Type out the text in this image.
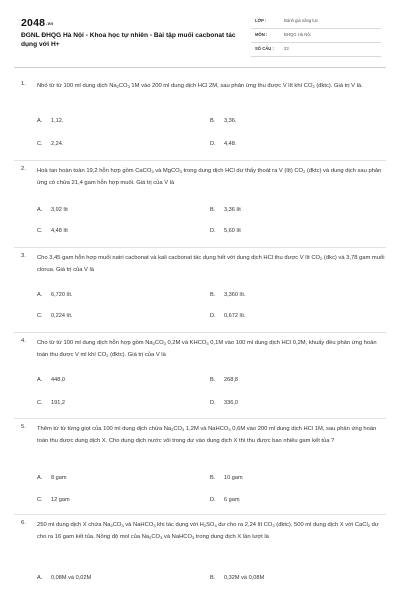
$2048^{.vn}$
ĐGNL ĐHQG Hà Nội - Khoa học tự nhiên - Bài tập muối cacbonat tác dụng với H+
LỚP :	Đánh giá năng lực
MÔN :	ĐHQG Hà Nội
SỐ CÂU : 33
1. Nhỏ từ từ 100 ml dung dịch $Na_2CO_3$ 1M vào 200 ml dung dịch HCl 2M, sau phản ứng thu được V lít khí $CO_2$ (đktc). Giá trị V là.
A. 1,12.	B. 3,36.
C. 2,24.	D. 4,48.
2. Hoà tan hoàn toàn 19,2 hỗn hợp gồm CaCO$_3$ và MgCO$_3$ trong dung dịch HCl dư thấy thoát ra V (lít) $CO_2$ (đktc) và dung dịch sau phản ứng có chứa 21,4 gam hỗn hợp muối. Giá trị của V là
A. 3,92 lít	B. 3,36 lít
C. 4,48 lít	D. 5,60 lít
3. Cho 3,45 gam hỗn hợp muối natri cacbonat và kali cacbonat tác dụng hết với dung dịch HCl thu được V lít $CO_2$ (đkc) và 3,78 gam muối clorua. Giá trị của V là
A. 6,720 lít.	B. 3,360 lít.
C. 0,224 lít.	D. 0,672 lít.
4. Cho từ từ 100 ml dung dịch hỗn hợp gồm $Na_2CO_3$ 0,2M và $KHCO_3$ 0,1M vào 100 ml dung dịch HCl 0,2M, khuấy đều phản ứng hoàn toàn thu được V ml khí $CO_2$ (đktc). Giá trị của V là
A. 448,0	B. 268,8
C. 191,2	D. 336,0
5. Thêm từ từ từng giọt của 100 ml dung dịch chứa $Na_2CO_3$ 1,2M và NaHCO$_3$ 0,6M vào 200 ml dung dịch HCl 1M, sau phản ứng hoàn toàn thu được dung dịch X. Cho dung dịch nước vôi trong dư vào dung dịch X thì thu được bao nhiêu gam kết tủa ?
A. 8 gam	B. 10 gam
C. 12 gam	D. 6 gam
6. 250 ml dung dịch X chứa $Na_2CO_3$ và NaHCO$_3$ khi tác dụng với $H_2SO_4$ dư cho ra 2,24 lít $CO_2$ (đktc). 500 ml dung dịch X với CaCl$_2$ dư cho ra 16 gam kết tủa. Nồng độ mol của $Na_2CO_3$ và NaHCO$_3$ trong dung dịch X lần lượt là
A. 0,08M và 0,02M	B. 0,32M và 0,08M
